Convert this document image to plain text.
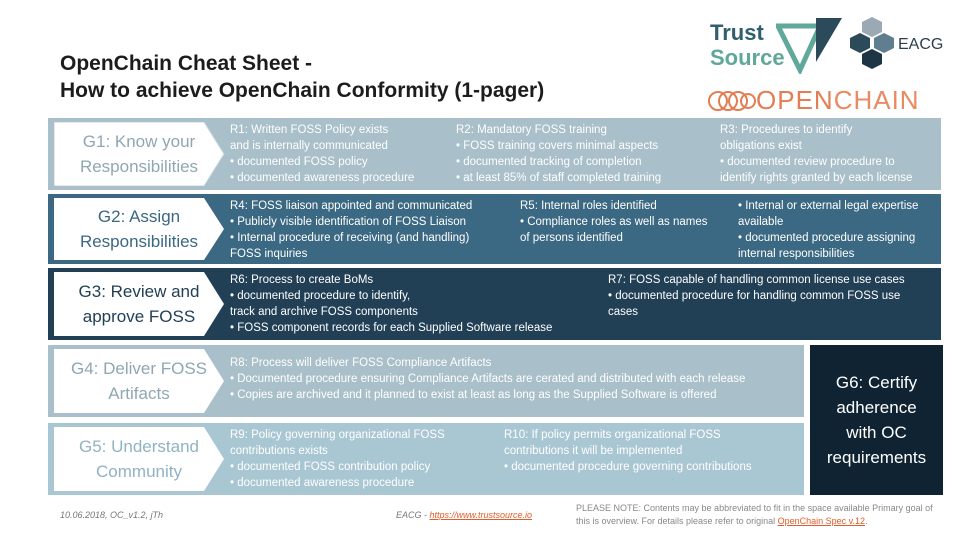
OpenChain Cheat Sheet -
How to achieve OpenChain Conformity (1-pager)
Trust
Source
EACG
OPENCHAIN
G1: Know your Responsibilities
R1: Written FOSS Policy exists
and is internally communicated
• documented FOSS policy
• documented awareness procedure
R2: Mandatory FOSS training
• FOSS training covers minimal aspects
• documented tracking of completion
• at least 85% of staff completed training
R3: Procedures to identify
obligations exist
• documented review procedure to
identify rights granted by each license
G2: Assign Responsibilities
R4: FOSS liaison appointed and communicated
• Publicly visible identification of FOSS Liaison
• Internal procedure of receiving (and handling)
FOSS inquiries
R5: Internal roles identified
• Compliance roles as well as names
of persons identified
• Internal or external legal expertise
available
• documented procedure assigning
internal responsibilities
G3: Review and approve FOSS
R6: Process to create BoMs
• documented procedure to identify,
track and archive FOSS components
• FOSS component records for each Supplied Software release
R7: FOSS capable of handling common license use cases
• documented procedure for handling common FOSS use
cases
G4: Deliver FOSS Artifacts
R8: Process will deliver FOSS Compliance Artifacts
• Documented procedure ensuring Compliance Artifacts are cerated and distributed with each release
• Copies are archived and it planned to exist at least as long as the Supplied Software is offered
G5: Understand Community
R9: Policy governing organizational FOSS
contributions exists
• documented FOSS contribution policy
• documented awareness procedure
R10: If policy permits organizational FOSS
contributions it will be implemented
• documented procedure governing contributions
G6: Certify adherence with OC requirements
10.06.2018, OC_v1.2, jTh	EACG - https://www.trustsource.io
PLEASE NOTE: Contents may be abbreviated to fit in the space available Primary goal of this is overview. For details please refer to original OpenChain Spec v.12.
